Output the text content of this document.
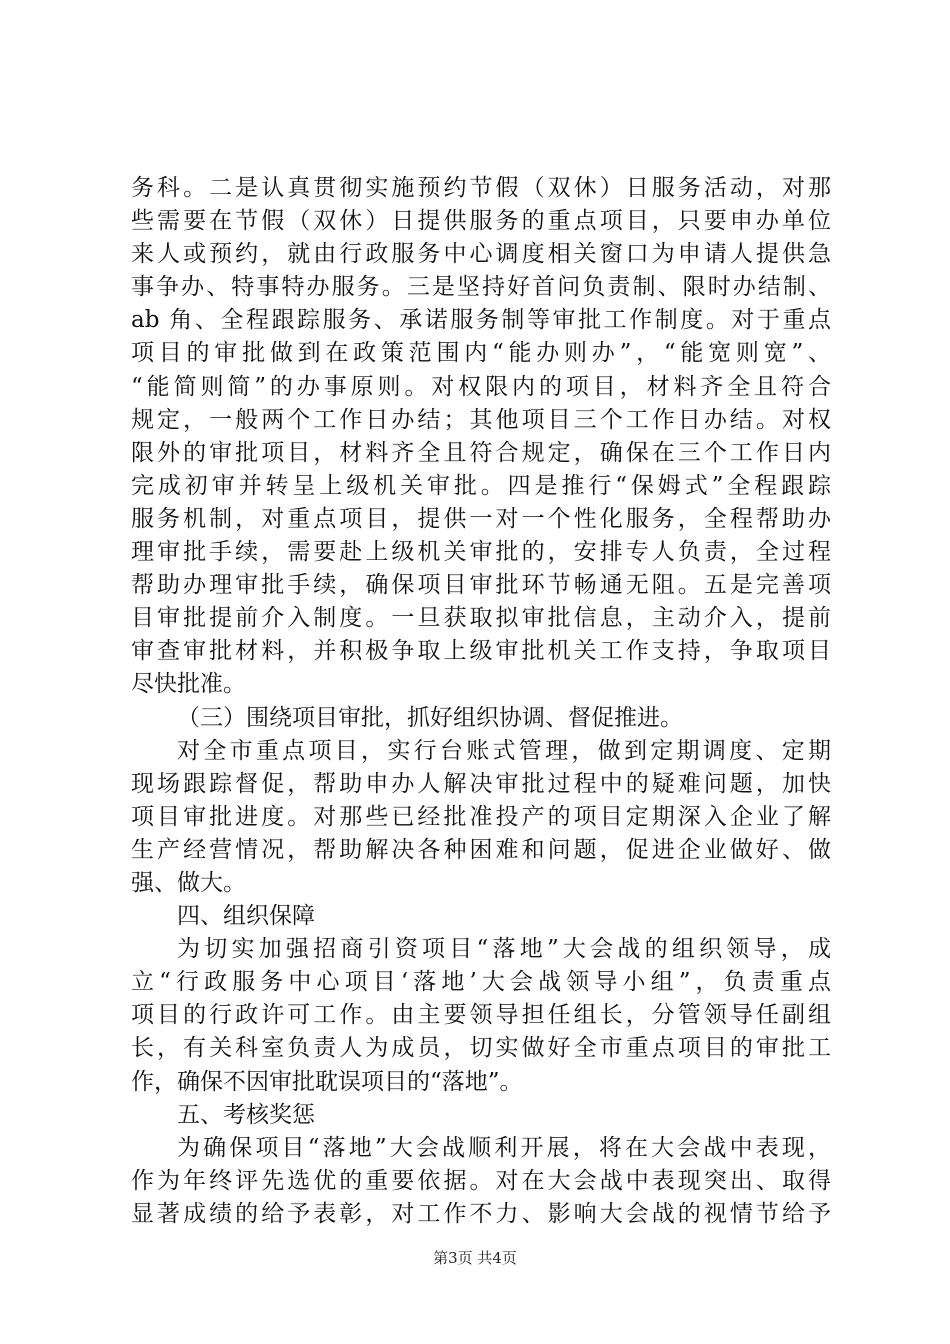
务科。二是认真贯彻实施预约节假（双休）日服务活动，对那
些需要在节假（双休）日提供服务的重点项目，只要申办单位
来人或预约，就由行政服务中心调度相关窗口为申请人提供急
事争办、特事特办服务。三是坚持好首问负责制、限时办结制、
ab 角、全程跟踪服务、承诺服务制等审批工作制度。对于重点
项目的审批做到在政策范围内“能办则办”，“能宽则宽”、
“能简则简”的办事原则。对权限内的项目，材料齐全且符合
规定，一般两个工作日办结；其他项目三个工作日办结。对权
限外的审批项目，材料齐全且符合规定，确保在三个工作日内
完成初审并转呈上级机关审批。四是推行“保姆式”全程跟踪
服务机制，对重点项目，提供一对一个性化服务，全程帮助办
理审批手续，需要赴上级机关审批的，安排专人负责，全过程
帮助办理审批手续，确保项目审批环节畅通无阻。五是完善项
目审批提前介入制度。一旦获取拟审批信息，主动介入，提前
审查审批材料，并积极争取上级审批机关工作支持，争取项目
尽快批准。
（三）围绕项目审批，抓好组织协调、督促推进。
对全市重点项目，实行台账式管理，做到定期调度、定期
现场跟踪督促，帮助申办人解决审批过程中的疑难问题，加快
项目审批进度。对那些已经批准投产的项目定期深入企业了解
生产经营情况，帮助解决各种困难和问题，促进企业做好、做
强、做大。
四、组织保障
为切实加强招商引资项目“落地”大会战的组织领导，成
立“行政服务中心项目‘落地’大会战领导小组”，负责重点
项目的行政许可工作。由主要领导担任组长，分管领导任副组
长，有关科室负责人为成员，切实做好全市重点项目的审批工
作，确保不因审批耽误项目的“落地”。
五、考核奖惩
为确保项目“落地”大会战顺利开展，将在大会战中表现，
作为年终评先选优的重要依据。对在大会战中表现突出、取得
显著成绩的给予表彰，对工作不力、影响大会战的视情节给予
第3页 共4页
